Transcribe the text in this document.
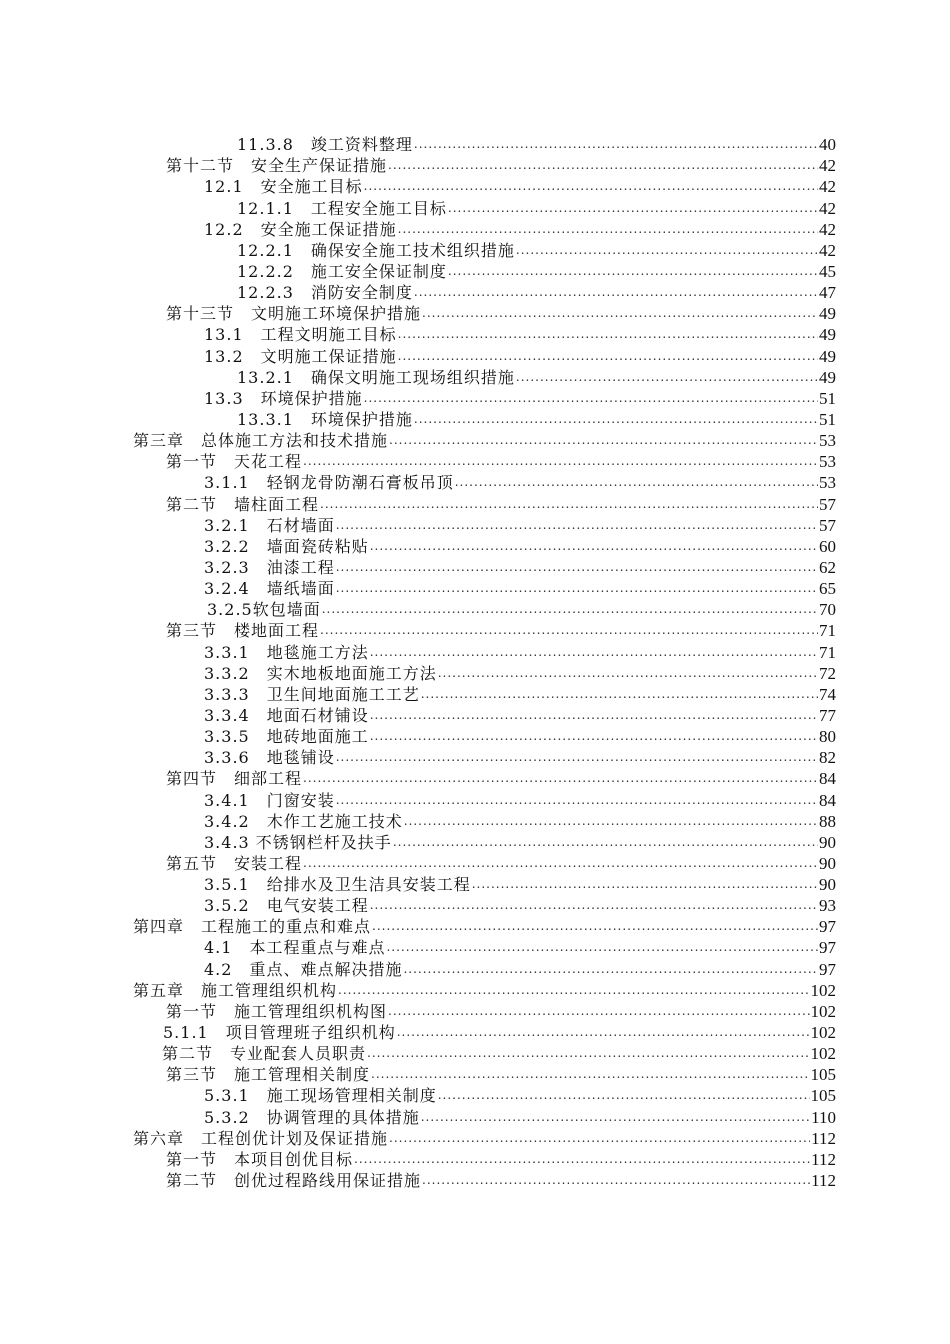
11.3.8　竣工资料整理 .....	40
第十二节　安全生产保证措施 .....	42
12.1　安全施工目标 .....	42
12.1.1　工程安全施工目标 .....	42
12.2　安全施工保证措施 .....	42
12.2.1　确保安全施工技术组织措施 .....	42
12.2.2　施工安全保证制度 .....	45
12.2.3　消防安全制度 .....	47
第十三节　文明施工环境保护措施 .....	49
13.1　工程文明施工目标 .....	49
13.2　文明施工保证措施 .....	49
13.2.1　确保文明施工现场组织措施 .....	49
13.3　环境保护措施 .....	51
13.3.1　环境保护措施 .....	51
第三章　总体施工方法和技术措施 .....	53
第一节　天花工程 .....	53
3.1.1　轻钢龙骨防潮石膏板吊顶 .....	53
第二节　墙柱面工程 .....	57
3.2.1　石材墙面 .....	57
3.2.2　墙面瓷砖粘贴 .....	60
3.2.3　油漆工程 .....	62
3.2.4　墙纸墙面 .....	65
3.2.5软包墙面 .....	70
第三节　楼地面工程 .....	71
3.3.1　地毯施工方法 .....	71
3.3.2　实木地板地面施工方法 .....	72
3.3.3　卫生间地面施工工艺 .....	74
3.3.4　地面石材铺设 .....	77
3.3.5　地砖地面施工 .....	80
3.3.6　地毯铺设 .....	82
第四节　细部工程 .....	84
3.4.1　门窗安装 .....	84
3.4.2　木作工艺施工技术 .....	88
3.4.3 不锈钢栏杆及扶手 .....	90
第五节　安装工程 .....	90
3.5.1　给排水及卫生洁具安装工程 .....	90
3.5.2　电气安装工程 .....	93
第四章　工程施工的重点和难点 .....	97
4.1　本工程重点与难点 .....	97
4.2　重点、难点解决措施 .....	97
第五章　施工管理组织机构 .....	102
第一节　施工管理组织机构图 .....	102
5.1.1　项目管理班子组织机构 .....	102
第二节　专业配套人员职责 .....	102
第三节　施工管理相关制度 .....	105
5.3.1　施工现场管理相关制度 .....	105
5.3.2　协调管理的具体措施 .....	110
第六章　工程创优计划及保证措施 .....	112
第一节　本项目创优目标 .....	112
第二节　创优过程路线用保证措施 .....	112
